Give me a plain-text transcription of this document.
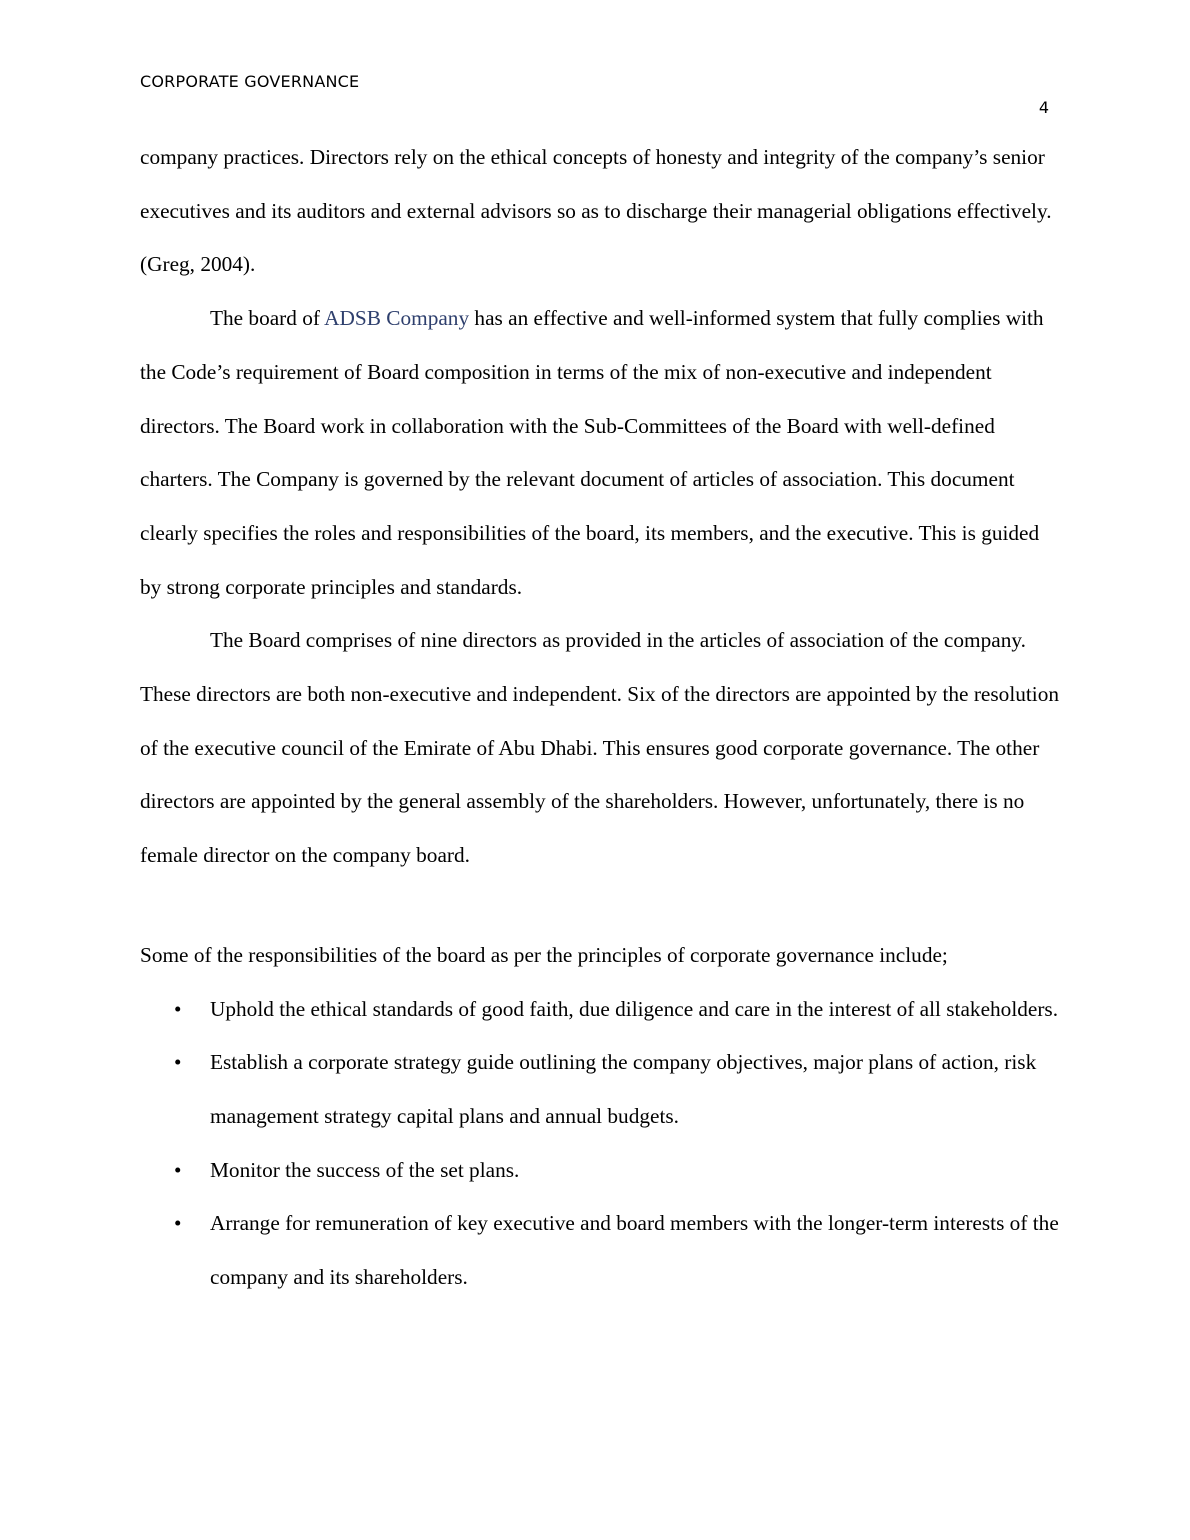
CORPORATE GOVERNANCE
4

company practices. Directors rely on the ethical concepts of honesty and integrity of the company’s senior executives and its auditors and external advisors so as to discharge their managerial obligations effectively. (Greg, 2004).

The board of ADSB Company has an effective and well-informed system that fully complies with the Code’s requirement of Board composition in terms of the mix of non-executive and independent directors. The Board work in collaboration with the Sub-Committees of the Board with well-defined charters. The Company is governed by the relevant document of articles of association. This document clearly specifies the roles and responsibilities of the board, its members, and the executive. This is guided by strong corporate principles and standards.

The Board comprises of nine directors as provided in the articles of association of the company. These directors are both non-executive and independent. Six of the directors are appointed by the resolution of the executive council of the Emirate of Abu Dhabi. This ensures good corporate governance. The other directors are appointed by the general assembly of the shareholders. However, unfortunately, there is no female director on the company board.

Some of the responsibilities of the board as per the principles of corporate governance include;

• Uphold the ethical standards of good faith, due diligence and care in the interest of all stakeholders.
• Establish a corporate strategy guide outlining the company objectives, major plans of action, risk management strategy capital plans and annual budgets.
• Monitor the success of the set plans.
• Arrange for remuneration of key executive and board members with the longer-term interests of the company and its shareholders.
